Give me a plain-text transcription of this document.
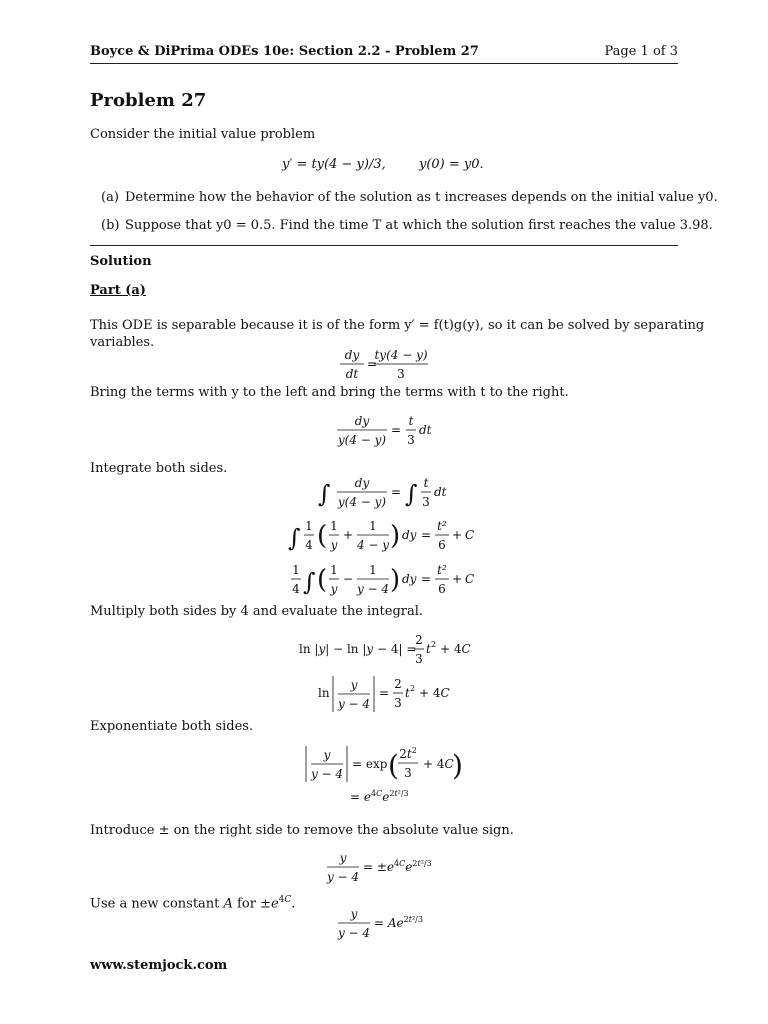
Boyce & DiPrima ODEs 10e: Section 2.2 - Problem 27	Page 1 of 3
Problem 27
Consider the initial value problem
y′ = ty(4 − y)/3,	y(0) = y0.
(a) Determine how the behavior of the solution as t increases depends on the initial value y0.
(b) Suppose that y0 = 0.5. Find the time T at which the solution first reaches the value 3.98.
Solution
Part (a)
This ODE is separable because it is of the form y′ = f(t)g(y), so it can be solved by separating
variables.
dy
dt
=
ty(4 − y)
3
Bring the terms with y to the left and bring the terms with t to the right.
dy
y(4 − y)
=
t
3
dt
Integrate both sides.
∫ dy
y(4 − y)
= ∫ t
3
dt
∫ 1
4 ( 1
y
+
1
4 − y ) dy =
t²
6
+ C
1
4 ∫ ( 1
y
−
1
y − 4 ) dy =
t²
6
+ C
Multiply both sides by 4 and evaluate the integral.
ln |y| − ln |y − 4| =
2
3
t 2 + 4C
ln
y
y − 4
=
2
3
t 2 + 4C
Exponentiate both sides.
y
y − 4
= exp ( $2t^2$
3
+ 4C
)
= $e^{4C}e^{2t^2/3}$
Introduce ± on the right side to remove the absolute value sign.
y
y − 4
= $\pm e^{4C}e^{2t^2/3}$
Use a new constant A for $\pm e^{4C}$.
y
y − 4
= $Ae^{2t^2/3}$
www.stemjock.com
